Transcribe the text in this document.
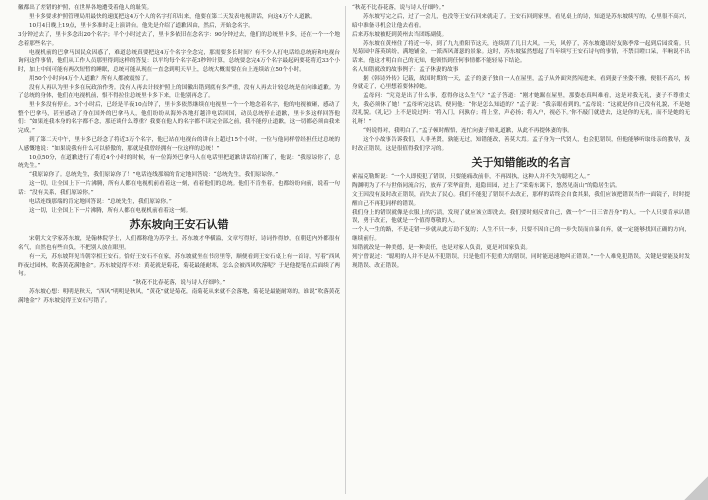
徽都出了差错的护照，在世界各地遭受着他人的耻笑。

里卡多要求护照管理局用最快的速度把这4万个人的名字打印出来，他要在第二天发表电视讲话，向这4万个人道歉。

10月4日晚上19点，里卡多准时走上演讲台。他先是介绍了道歉因由，然后，开始念名字。

3分钟过去了，里卡多念出20个名字；半个小时过去了，里卡多依旧在念名字：90分钟过去，他们的总统里卡多，还在一个一个地念着那些名字。

电视机前的巴拿马国民众因惑了，难道总统真要把这4万个名字全念完，那需要多长时间？有不少人打电话给总统府和电视台询问这件事情，他们从工作人员那里得到这样的答复：以平均每个名字花3秒钟计算，总统要念完4万个名字最起码要花将近33个小时，加上中间可能有两次短暂的睡眠，总统可能从现在一直念到明天早上，总统大概需要在台上连续站立50个小时。

用50个小时向4万个人道歉？所有人都被震惊了。

没有人再认为里卡多在玩政治作秀。没有人再去计较护照上的国徽出错到底有多严重，没有人再去计较总统是在向谁道歉。为了总统的身体，他们在电视机前，恨不得拉住总统里卡多下来，让他别再念了。

里卡多没有停止。3个小时后，已经是半夜10点钟了，里卡多依然继续在电视里一个一个地念着名字，他的电视被砸，感动了整个巴拿马，甚至感动了身在国外的巴拿马人，他们纷纷从海外各地打越洋电话回国，动员总统停止道歉，里卡多这样回答他们：“如果连我本身的名字都不念，那还谈什么尊重？我要在他人的名字都不读完全部之前，我不能停止道歉，这一切都必须由我来完成。”

到了第二天中午，里卡多已经念了将近3万个名字，他已站在电视台的讲台上超过15个小时，一位与他同样曾经担任过总统的人感慨地说：“如果说我有什么可以骄傲的，那就是我曾经拥有一位这样的总统！”

10点50分，在道歉进行了将近4个小时的时候，有一位海外巴拿马人在电话里把道歉讲话给打断了，他说：“我原谅你了，总统先生。”

“我原谅你了。总统先生，我们原谅你了！”电话连线那端的肯定地回答说：“总统先生，我们原谅你。”

这一切，让全国上下一片沸腾，所有人都在电视机前看着这一刻，看着他们的总统。他们不肯坐着，也都纷纷向前，说着一句话：“没有关系，我们原谅你。”

电话连线那端的肯定地回答说：“总统先生，我们原谅你。”

这一切，让全国上下一片沸腾，所有人都在电视机前看着这一刻。

苏东坡向王安石认错

宋朝大文学家苏东坡，是翰林院学士，人们都称他为苏学士。苏东坡才华横溢，文章写得好，诗词作得妙，在朝廷内外都很有名气，自然也有些自负，不把别人放在眼里。

有一天，苏东坡拜见当朝宰相王安石。恰好王安石不在家，苏东坡就坐在书房里等，顺便看到王安石桌上有一首诗，写着“西风昨夜过园林，吹落黄花满地金”。苏东坡觉得不对：黄花就是菊花，菊花最能耐寒，怎么会被西风吹落呢？于是他提笔在后面续了两句。

“秋花不比春花落，说与诗人仔细吟。”

苏东坡心想：明明是秋天，“西风”明明是秋风，“黄花”就是菊花，南菊花从来就不会落地，菊花是最能耐寒的，谁说“吹落黄花满地金”？苏东坡觉得王安石写错了。

“秋花不比春花落，说与诗人仔细吟。”

苏东坡写完之后，过了一会儿，也没等王安石回来就走了。王安石回到家里，看见桌上的诗，知道是苏东坡续写的，心里很不高兴，暗中准备寻机会让他去看看。

后来苏东坡被贬到黄州去当团练副使。

苏东坡在黄州住了将近一年，到了九九重阳节这天，连续刮了几日大风。一天，风停了，苏东坡邀请好友陈季常一起到后园赏菊。只见菊园中落英缤纷，满地铺金，一派西风萧瑟的景象。这时，苏东坡猛然想起了当年续写王安石诗句的事情，不禁目瞪口呆，半晌说不出话来。他这才明白自己的无知，他领悟到任何事情都不能轻易下结论。

名人知错就改的故事例子：孟子休妻的故事

据《韩诗外传》记载，战国时期的一天，孟子的妻子独自一人在屋里，孟子从外面突然闯进来，看到妻子坐姿不雅，便很不高兴，转身就走了，心里想着要休掉她。

孟母问：“究竟是出了什么事，惹得你这么生气？”孟子答道：“刚才她踞在屋里，那姿态真叫难看，这是对我无礼，妻子不尊重丈夫，我必须休了她！”孟母听完这话，便问他：“你是怎么知道的？”孟子说：“我亲眼看到的。”孟母说：“这就是你自己没有礼貌，不是她没礼貌。《礼记》上不是说过吗：‘将入门，问孰存；将上堂，声必扬；将入户，视必下。’你不敲门就进去，这是你的无礼，而不是她的无礼呀！”

“妈说得对，我明白了。”孟子顿时醒悟，连忙向妻子赔礼道歉，从此不再提休妻的事。

这个小故事告诉我们，人非圣贤，孰能无过，知错能改，善莫大焉。孟子身为一代贤人，也会犯错误，但他能够听取母亲的教导，及时改正错误，这是很值得我们学习的。

关于知错能改的名言

索福克勒斯说：“一个人即使犯了错误，只要能痛改前非，不再固执，这种人并不失为聪明之人。”

陶渊明为了不与世俗同流合污，放弃了荣华富贵，退隐田园，过上了“采菊东篱下，悠然见南山”的隐居生活。

文王因没有及时改正错误，而失去了民心。我们不能犯了错误不去改正，那样的话终会自食其果，我们应该把错误当作一面镜子，时时提醒自己不再犯同样的错误。

我们身上的错误就像是衣服上的污渍，发现了就应该立即洗去。我们要时刻反省自己，做一个“一日三省吾身”的人。一个人只要肯承认错误，勇于改正，他就是一个值得尊敬的人。

一个人一生的路，不是走错一步就从此万劫不复的；人生不只一步，只要不因自己的一步失误而自暴自弃，就一定能够找回正确的方向，继续前行。

知错就改是一种美德，是一种责任，也是对家人负责，更是对国家负责。

列宁曾说过：“聪明的人并不是从不犯错误，只是他们不犯重大的错误，同时能迅速地纠正错误。”一个人难免犯错误，关键是要能及时发现错误、改正错误。
